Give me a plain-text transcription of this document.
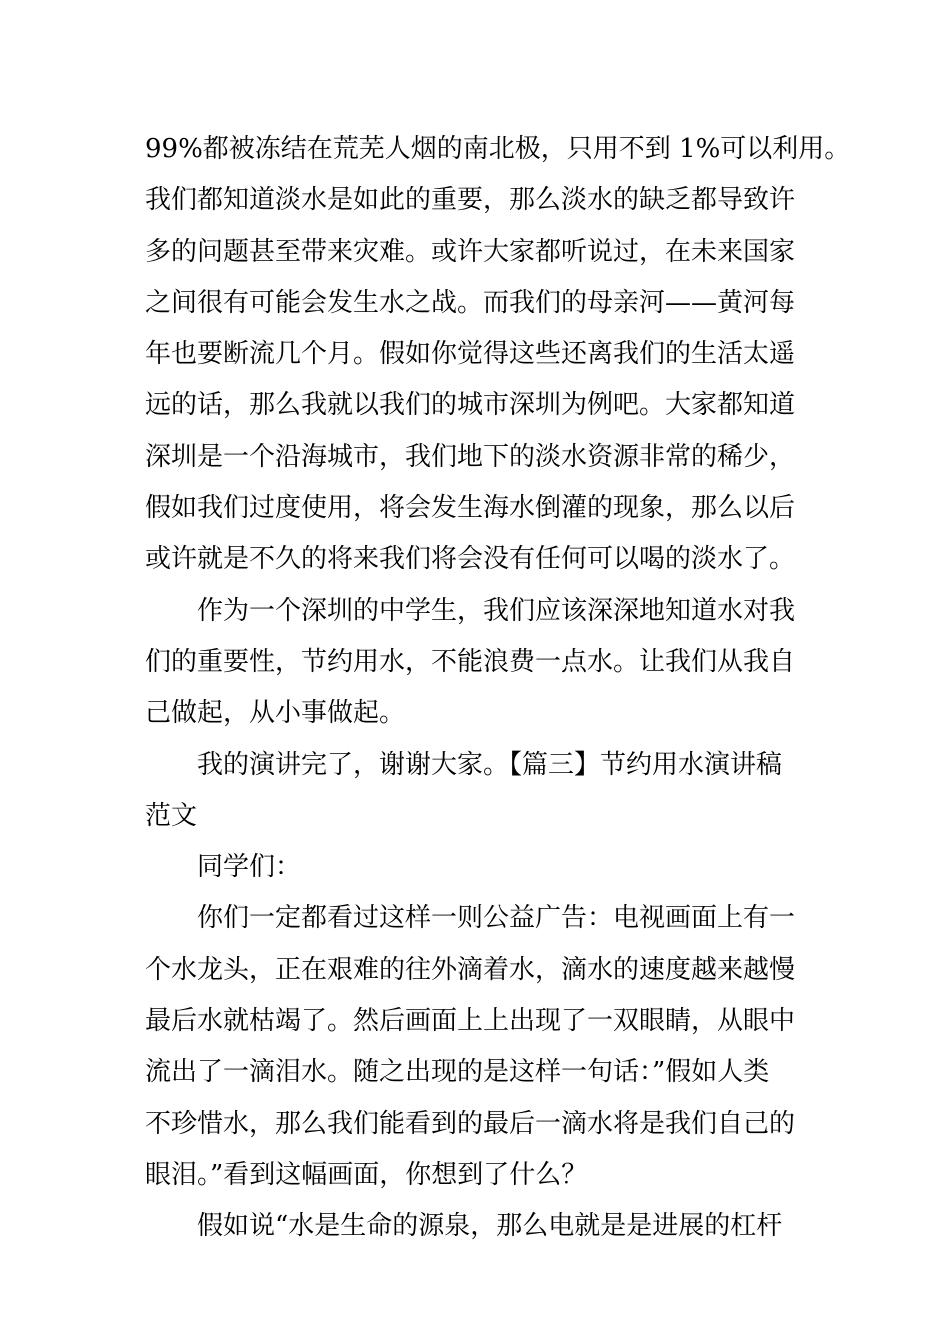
99%都被冻结在荒芜人烟的南北极，只用不到 1%可以利用。
我们都知道淡水是如此的重要，那么淡水的缺乏都导致许
多的问题甚至带来灾难。或许大家都听说过，在未来国家
之间很有可能会发生水之战。而我们的母亲河——黄河每
年也要断流几个月。假如你觉得这些还离我们的生活太遥
远的话，那么我就以我们的城市深圳为例吧。大家都知道
深圳是一个沿海城市，我们地下的淡水资源非常的稀少，
假如我们过度使用，将会发生海水倒灌的现象，那么以后
或许就是不久的将来我们将会没有任何可以喝的淡水了。
作为一个深圳的中学生，我们应该深深地知道水对我
们的重要性，节约用水，不能浪费一点水。让我们从我自
己做起，从小事做起。
我的演讲完了，谢谢大家。【篇三】节约用水演讲稿
范文
同学们：
你们一定都看过这样一则公益广告：电视画面上有一
个水龙头，正在艰难的往外滴着水，滴水的速度越来越慢
最后水就枯竭了。然后画面上上出现了一双眼睛，从眼中
流出了一滴泪水。随之出现的是这样一句话：”假如人类
不珍惜水，那么我们能看到的最后一滴水将是我们自己的
眼泪。”看到这幅画面，你想到了什么？
假如说“水是生命的源泉，那么电就是是进展的杠杆
